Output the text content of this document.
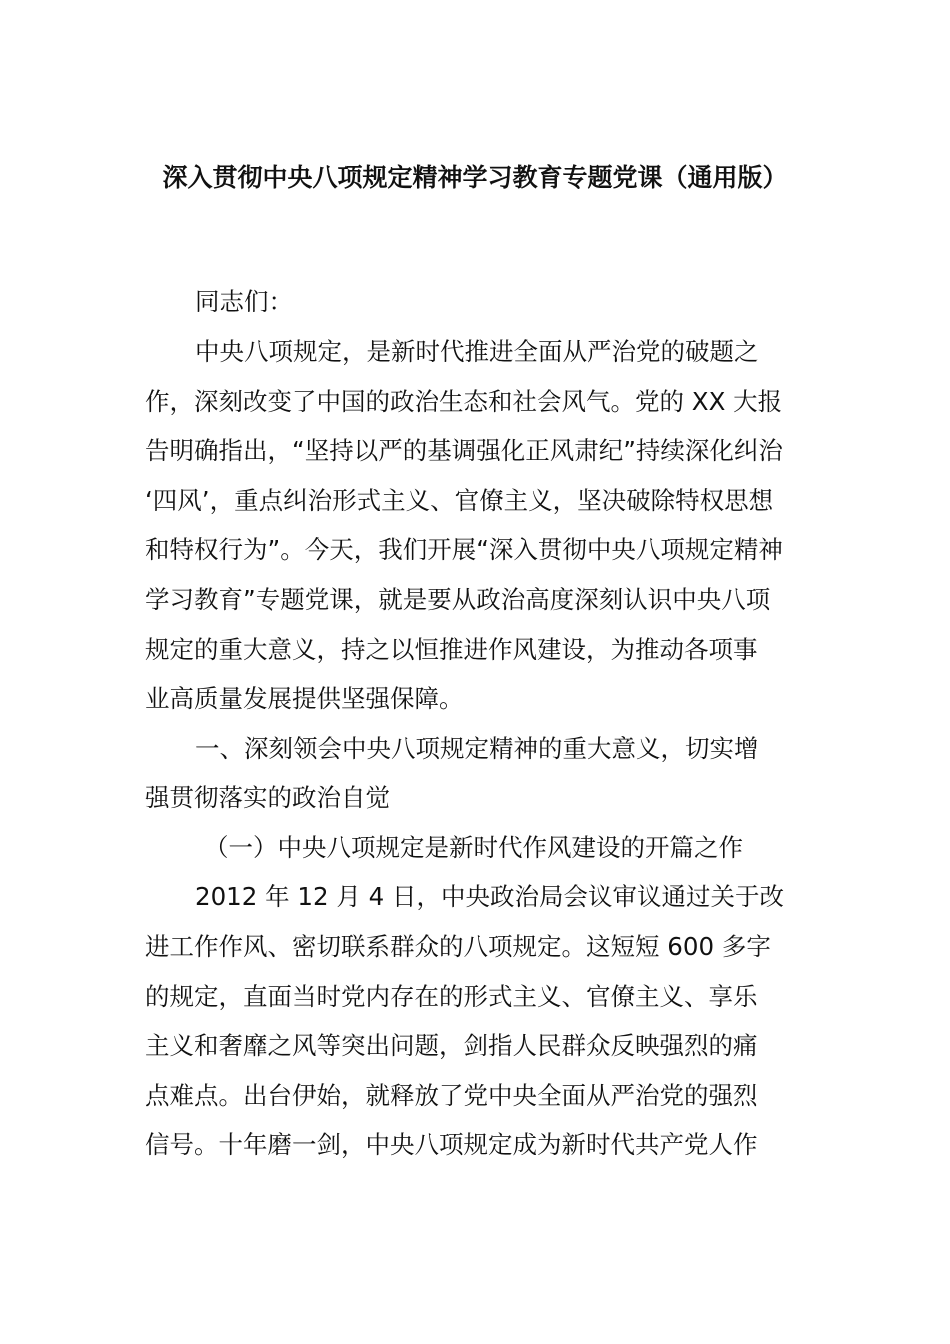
深入贯彻中央八项规定精神学习教育专题党课（通用版）
同志们：
中央八项规定，是新时代推进全面从严治党的破题之
作，深刻改变了中国的政治生态和社会风气。党的 XX 大报
告明确指出，“坚持以严的基调强化正风肃纪”持续深化纠治
‘四风’，重点纠治形式主义、官僚主义，坚决破除特权思想
和特权行为”。今天，我们开展“深入贯彻中央八项规定精神
学习教育”专题党课，就是要从政治高度深刻认识中央八项
规定的重大意义，持之以恒推进作风建设，为推动各项事
业高质量发展提供坚强保障。
一、深刻领会中央八项规定精神的重大意义，切实增
强贯彻落实的政治自觉
（一）中央八项规定是新时代作风建设的开篇之作
2012 年 12 月 4 日，中央政治局会议审议通过关于改
进工作作风、密切联系群众的八项规定。这短短 600 多字
的规定，直面当时党内存在的形式主义、官僚主义、享乐
主义和奢靡之风等突出问题，剑指人民群众反映强烈的痛
点难点。出台伊始，就释放了党中央全面从严治党的强烈
信号。十年磨一剑，中央八项规定成为新时代共产党人作
